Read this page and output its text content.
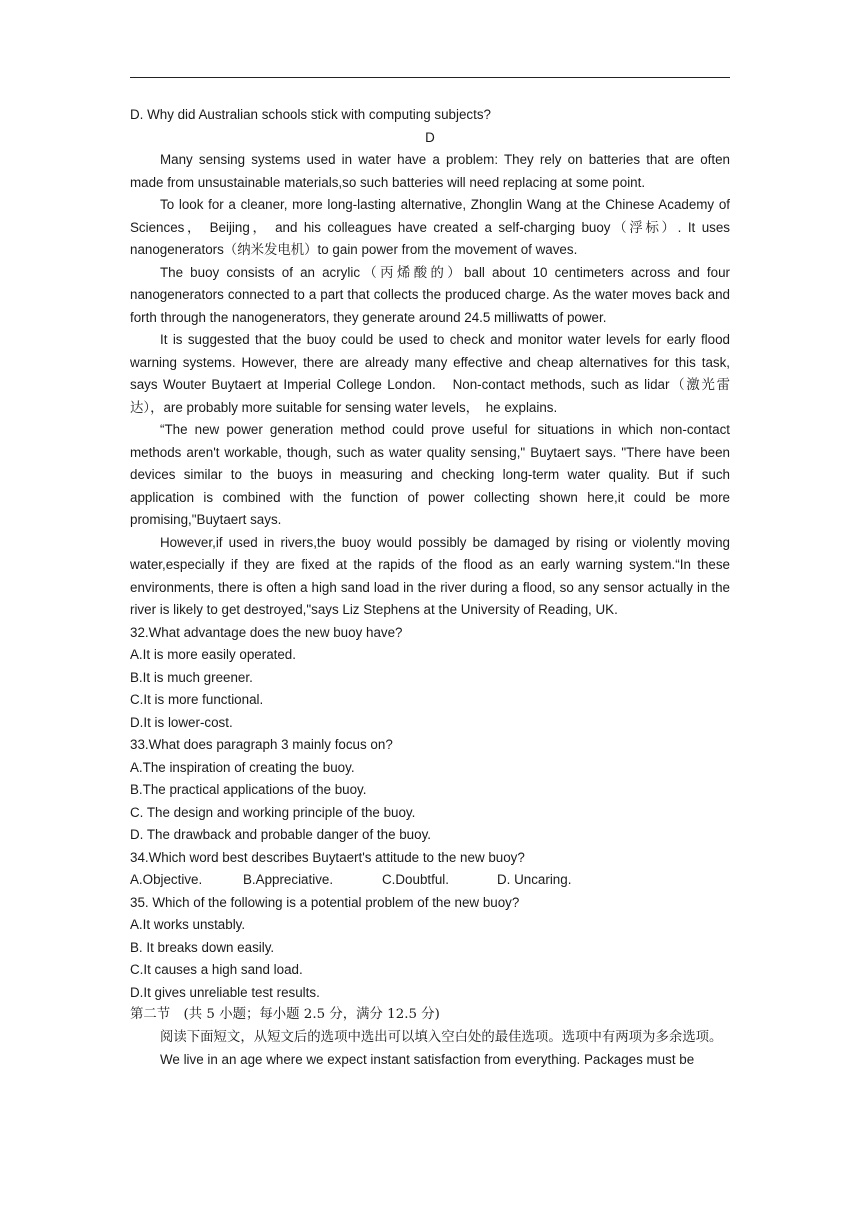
D. Why did Australian schools stick with computing subjects?

D

Many sensing systems used in water have a problem: They rely on batteries that are often made from unsustainable materials,so such batteries will need replacing at some point.

To look for a cleaner, more long-lasting alternative, Zhonglin Wang at the Chinese Academy of Sciences， Beijing， and his colleagues have created a self-charging buoy（浮标）. It uses nanogenerators（纳米发电机）to gain power from the movement of waves.

The buoy consists of an acrylic（丙烯酸的）ball about 10 centimeters across and four nanogenerators connected to a part that collects the produced charge. As the water moves back and forth through the nanogenerators, they generate around 24.5 milliwatts of power.

It is suggested that the buoy could be used to check and monitor water levels for early flood warning systems. However, there are already many effective and cheap alternatives for this task, says Wouter Buytaert at Imperial College London.　Non-contact methods, such as lidar（激光雷达），are probably more suitable for sensing water levels，　he explains.

“The new power generation method could prove useful for situations in which non-contact methods aren't workable, though, such as water quality sensing," Buytaert says. "There have been devices similar to the buoys in measuring and checking long-term water quality. But if such application is combined with the function of power collecting shown here,it could be more promising,"Buytaert says.

However,if used in rivers,the buoy would possibly be damaged by rising or violently moving water,especially if they are fixed at the rapids of the flood as an early warning system.“In these environments, there is often a high sand load in the river during a flood, so any sensor actually in the river is likely to get destroyed,"says Liz Stephens at the University of Reading, UK.

32.What advantage does the new buoy have?

A.It is more easily operated.

B.It is much greener.

C.It is more functional.

D.It is lower-cost.

33.What does paragraph 3 mainly focus on?

A.The inspiration of creating the buoy.

B.The practical applications of the buoy.

C. The design and working principle of the buoy.

D. The drawback and probable danger of the buoy.

34.Which word best describes Buytaert's attitude to the new buoy?

A.Objective.	B.Appreciative.	C.Doubtful.	D. Uncaring.

35. Which of the following is a potential problem of the new buoy?

A.It works unstably.

B. It breaks down easily.

C.It causes a high sand load.

D.It gives unreliable test results.

第二节　(共 5 小题；每小题 2.5 分，满分 12.5 分)

阅读下面短文，从短文后的选项中选出可以填入空白处的最佳选项。选项中有两项为多余选项。

We live in an age where we expect instant satisfaction from everything. Packages must be
